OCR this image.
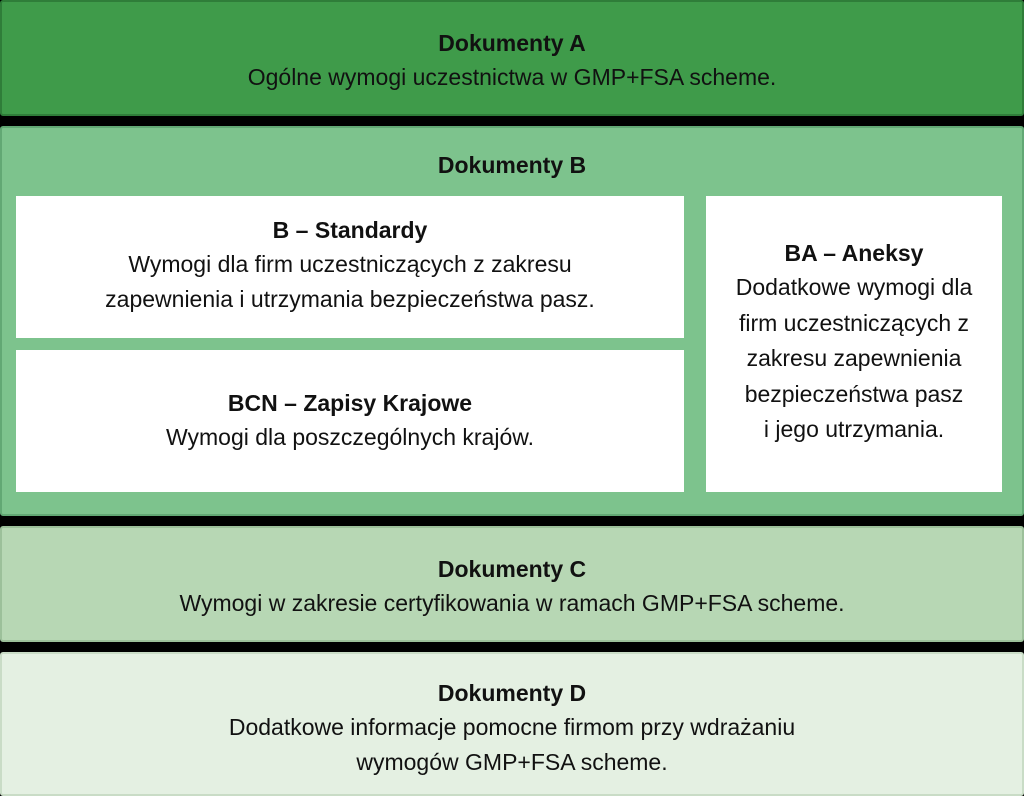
Dokumenty A
Ogólne wymogi uczestnictwa w GMP+FSA scheme.
Dokumenty B
B – Standardy
Wymogi dla firm uczestniczących z zakresu
zapewnienia i utrzymania bezpieczeństwa pasz.
BCN – Zapisy Krajowe
Wymogi dla poszczególnych krajów.
BA – Aneksy
Dodatkowe wymogi dla
firm uczestniczących z
zakresu zapewnienia
bezpieczeństwa pasz
i jego utrzymania.
Dokumenty C
Wymogi w zakresie certyfikowania w ramach GMP+FSA scheme.
Dokumenty D
Dodatkowe informacje pomocne firmom przy wdrażaniu
wymogów GMP+FSA scheme.
